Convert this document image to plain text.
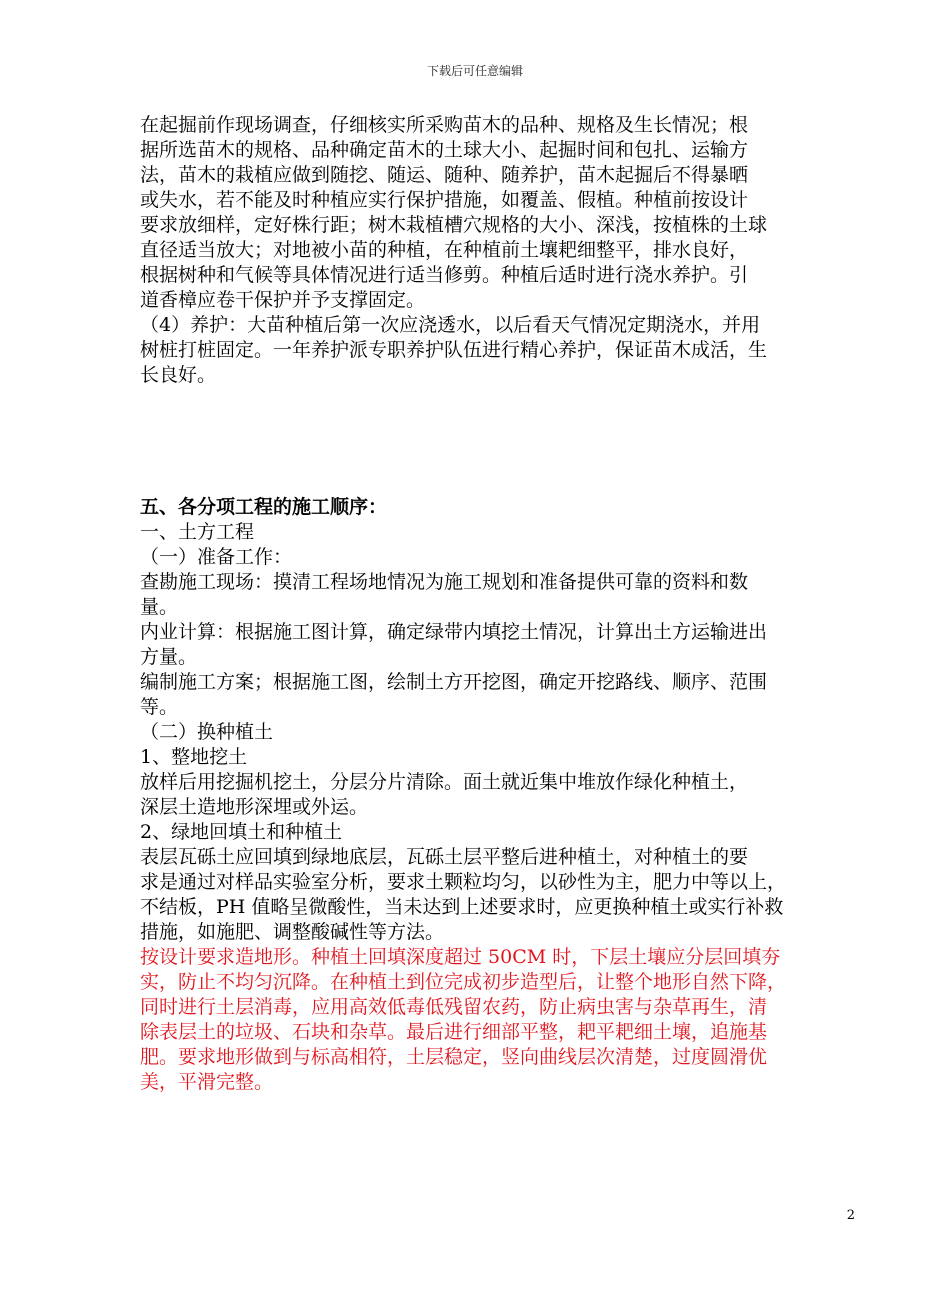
下载后可任意编辑
在起掘前作现场调查，仔细核实所采购苗木的品种、规格及生长情况；根
据所选苗木的规格、品种确定苗木的土球大小、起掘时间和包扎、运输方
法，苗木的栽植应做到随挖、随运、随种、随养护，苗木起掘后不得暴晒
或失水，若不能及时种植应实行保护措施，如覆盖、假植。种植前按设计
要求放细样，定好株行距；树木栽植槽穴规格的大小、深浅，按植株的土球
直径适当放大；对地被小苗的种植，在种植前土壤耙细整平，排水良好，
根据树种和气候等具体情况进行适当修剪。种植后适时进行浇水养护。引
道香樟应卷干保护并予支撑固定。
（4）养护：大苗种植后第一次应浇透水，以后看天气情况定期浇水，并用
树桩打桩固定。一年养护派专职养护队伍进行精心养护，保证苗木成活，生
长良好。
五、各分项工程的施工顺序：
一、土方工程
（一）准备工作：
查勘施工现场：摸清工程场地情况为施工规划和准备提供可靠的资料和数
量。
内业计算：根据施工图计算，确定绿带内填挖土情况，计算出土方运输进出
方量。
编制施工方案；根据施工图，绘制土方开挖图，确定开挖路线、顺序、范围
等。
（二）换种植土
1、整地挖土
放样后用挖掘机挖土，分层分片清除。面土就近集中堆放作绿化种植土，
深层土造地形深埋或外运。
2、绿地回填土和种植土
表层瓦砾土应回填到绿地底层，瓦砾土层平整后进种植土，对种植土的要
求是通过对样品实验室分析，要求土颗粒均匀，以砂性为主，肥力中等以上，
不结板，PH 值略呈微酸性，当未达到上述要求时，应更换种植土或实行补救
措施，如施肥、调整酸碱性等方法。
按设计要求造地形。种植土回填深度超过 50CM 时，下层土壤应分层回填夯
实，防止不均匀沉降。在种植土到位完成初步造型后，让整个地形自然下降，
同时进行土层消毒，应用高效低毒低残留农药，防止病虫害与杂草再生，清
除表层土的垃圾、石块和杂草。最后进行细部平整，耙平耙细土壤，追施基
肥。要求地形做到与标高相符，土层稳定，竖向曲线层次清楚，过度圆滑优
美，平滑完整。
2
